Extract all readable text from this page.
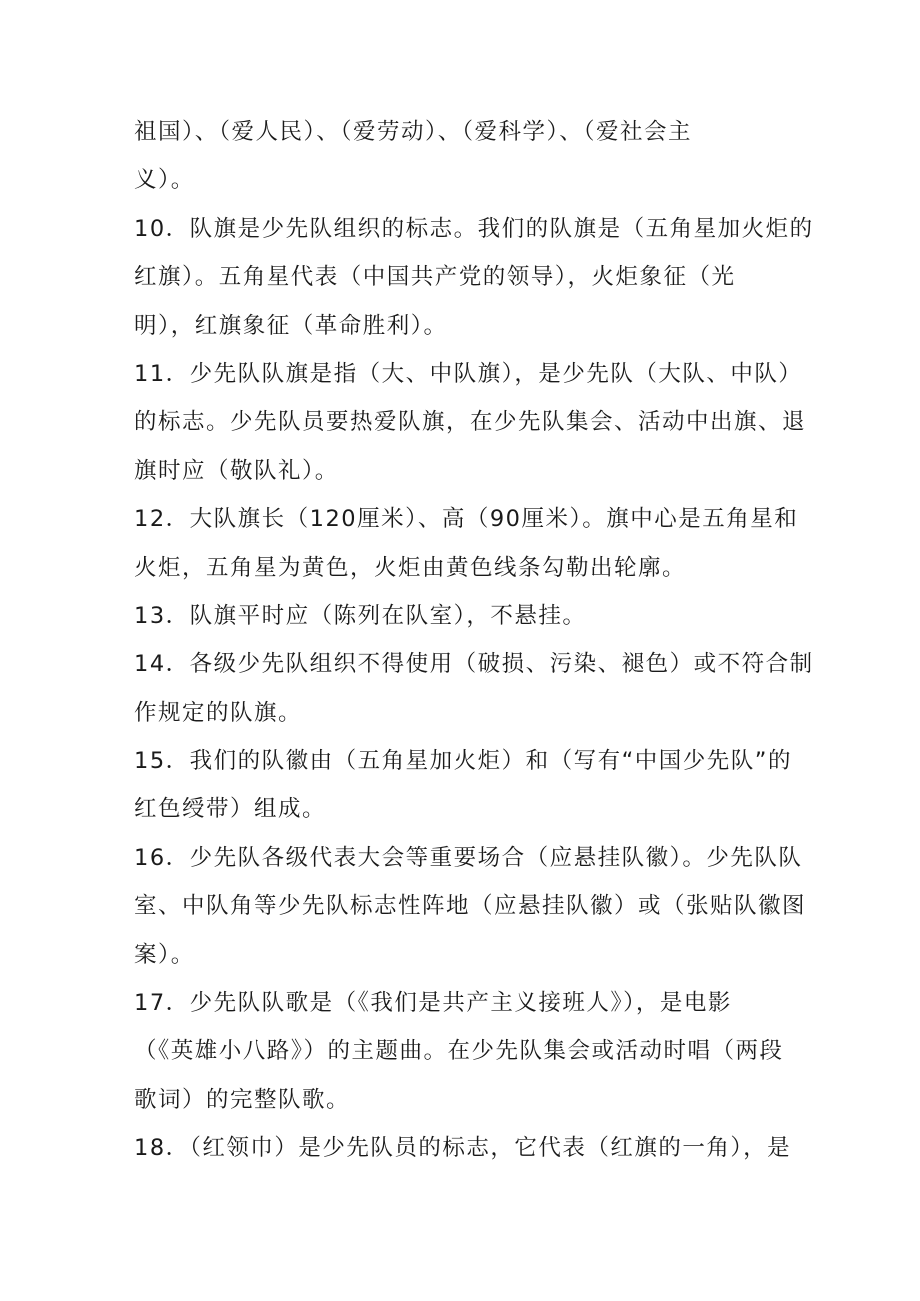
祖国）、（爱人民）、（爱劳动）、（爱科学）、（爱社会主
义）。
10．队旗是少先队组织的标志。我们的队旗是（五角星加火炬的
红旗）。五角星代表（中国共产党的领导），火炬象征（光
明），红旗象征（革命胜利）。
11．少先队队旗是指（大、中队旗），是少先队（大队、中队）
的标志。少先队员要热爱队旗，在少先队集会、活动中出旗、退
旗时应（敬队礼）。
12．大队旗长（120厘米）、高（90厘米）。旗中心是五角星和
火炬，五角星为黄色，火炬由黄色线条勾勒出轮廓。
13．队旗平时应（陈列在队室），不悬挂。
14．各级少先队组织不得使用（破损、污染、褪色）或不符合制
作规定的队旗。
15．我们的队徽由（五角星加火炬）和（写有“中国少先队”的
红色绶带）组成。
16．少先队各级代表大会等重要场合（应悬挂队徽）。少先队队
室、中队角等少先队标志性阵地（应悬挂队徽）或（张贴队徽图
案）。
17．少先队队歌是（《我们是共产主义接班人》），是电影
（《英雄小八路》）的主题曲。在少先队集会或活动时唱（两段
歌词）的完整队歌。
18．（红领巾）是少先队员的标志，它代表（红旗的一角），是
